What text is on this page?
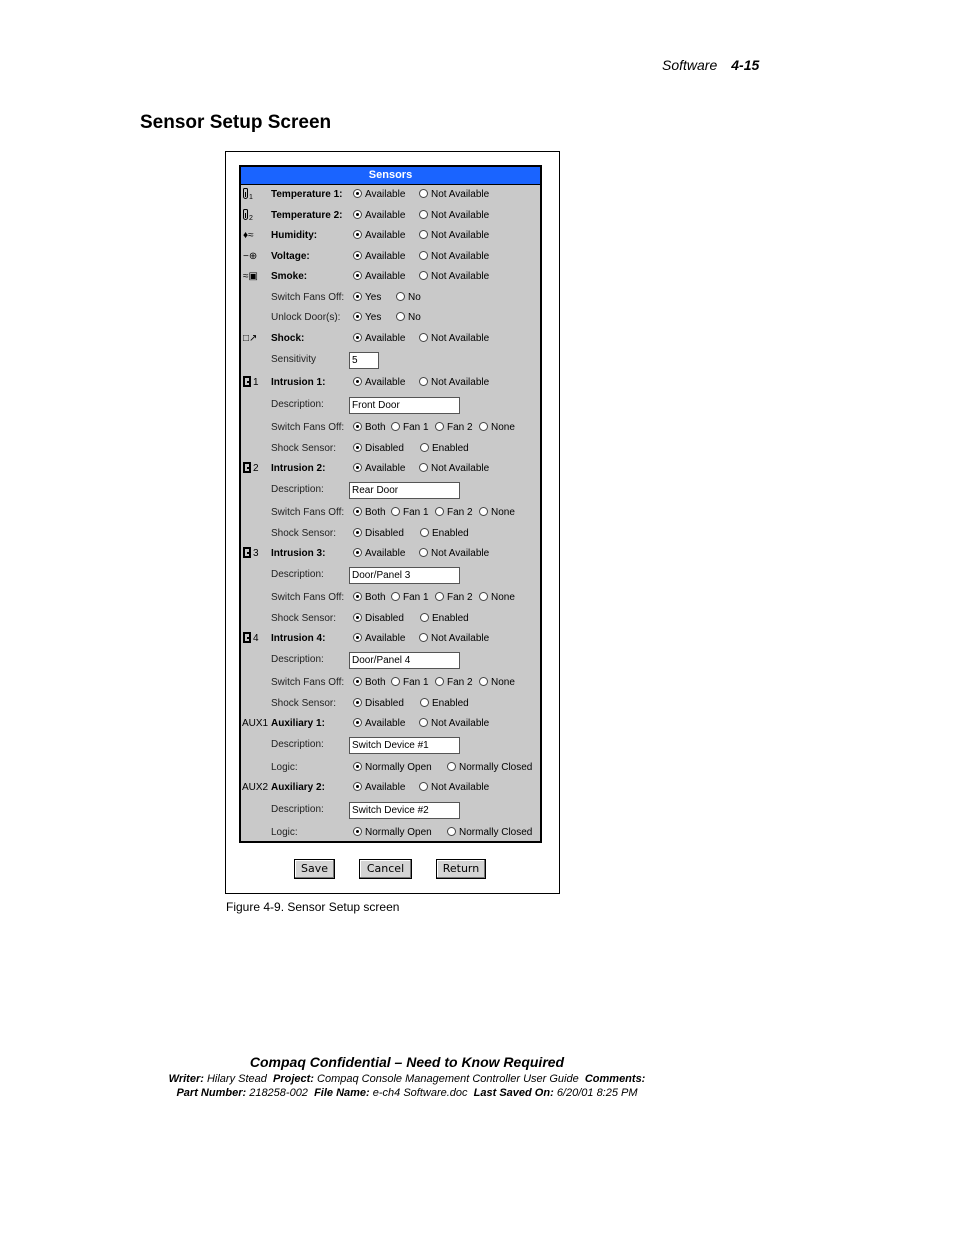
Software 4-15
Sensor Setup Screen
Sensors
$_1$	Temperature 1:	Available	Not Available
$_2$	Temperature 2:	Available	Not Available
♦≈	Humidity:	Available	Not Available
−⊕	Voltage:	Available	Not Available
≈▣	Smoke:	Available	Not Available
Switch Fans Off:	Yes	No
Unlock Door(s):	Yes	No
□↗	Shock:	Available	Not Available
Sensitivity	5
1	Intrusion 1:	Available	Not Available
Description:	Front Door
Switch Fans Off:	Both	Fan 1	Fan 2	None
Shock Sensor:	Disabled	Enabled
2	Intrusion 2:	Available	Not Available
Description:	Rear Door
Switch Fans Off:	Both	Fan 1	Fan 2	None
Shock Sensor:	Disabled	Enabled
3	Intrusion 3:	Available	Not Available
Description:	Door/Panel 3
Switch Fans Off:	Both	Fan 1	Fan 2	None
Shock Sensor:	Disabled	Enabled
4	Intrusion 4:	Available	Not Available
Description:	Door/Panel 4
Switch Fans Off:	Both	Fan 1	Fan 2	None
Shock Sensor:	Disabled	Enabled
AUX1 Auxiliary 1:	Available	Not Available
Description:	Switch Device #1
Logic:	Normally Open	Normally Closed
AUX2 Auxiliary 2:	Available	Not Available
Description:	Switch Device #2
Logic:	Normally Open	Normally Closed
Save	Cancel	Return
Figure 4-9. Sensor Setup screen
Compaq Confidential – Need to Know Required
Writer: Hilary Stead Project: Compaq Console Management Controller User Guide Comments:
Part Number: 218258-002 File Name: e-ch4 Software.doc Last Saved On: 6/20/01 8:25 PM
